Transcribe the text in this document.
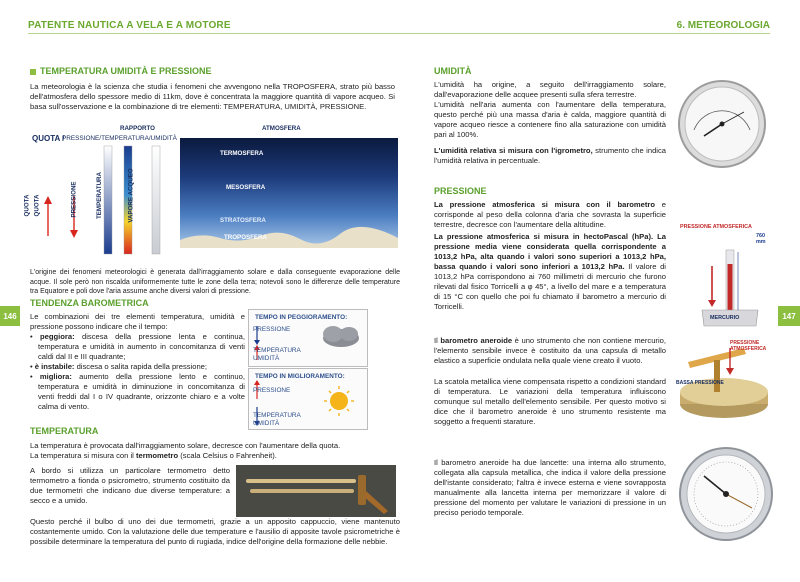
PATENTE NAUTICA A VELA E A MOTORE	6. METEOROLOGIA
146	147
TEMPERATURA UMIDITÀ E PRESSIONE
La meteorologia è la scienza che studia i fenomeni che avvengono nella TROPOSFERA, strato più basso dell'atmosfera dello spessore medio di 11km, dove è concentrata la maggiore quantità di vapore acqueo. Si basa sull'osservazione e la combinazione di tre elementi: TEMPERATURA, UMIDITÀ, PRESSIONE.
RAPPORTO	ATMOSFERA
QUOTA /
PRESSIONE/TEMPERATURA/UMIDITÀ
TERMOSFERA
MESOSFERA
STRATOSFERA
TROPOSFERA
QUOTA QUOTA	PRESSIONE	TEMPERATURA	VAPORE ACQUEO
L'origine dei fenomeni meteorologici è generata dall'irraggiamento solare e dalla conseguente evaporazione delle acque. Il sole però non riscalda uniformemente tutte le zone della terra; notevoli sono le differenze delle temperature tra Equatore e poli dove l'aria assume anche diversi valori di pressione.
TENDENZA BAROMETRICA
Le combinazioni dei tre elementi temperatura, umidità e pressione possono indicare che il tempo:
• peggiora: discesa della pressione lenta e continua, temperatura e umidità in aumento in concomitanza di venti caldi dal II e III quadrante;
• è instabile: discesa o salita rapida della pressione;
• migliora: aumento della pressione lento e continuo, temperatura e umidità in diminuzione in concomitanza di venti freddi dal I o IV quadrante, orizzonte chiaro e a volte calma di vento.
TEMPO IN PEGGIORAMENTO:
PRESSIONE
TEMPERATURA
UMIDITÀ
TEMPO IN MIGLIORAMENTO:
PRESSIONE
TEMPERATURA
UMIDITÀ
TEMPERATURA
La temperatura è provocata dall'irraggiamento solare, decresce con l'aumentare della quota.
La temperatura si misura con il termometro (scala Celsius o Fahrenheit).
A bordo si utilizza un particolare termometro detto termometro a fionda o psicrometro, strumento costituito da due termometri che indicano due diverse temperature: a secco e a umido.
Questo perché il bulbo di uno dei due termometri, grazie a un apposito cappuccio, viene mantenuto costantemente umido. Con la valutazione delle due temperature e l'ausilio di apposite tavole psicrometriche è possibile determinare la temperatura del punto di rugiada, indice dell'origine della formazione delle nebbie.
UMIDITÀ
L'umidità ha origine, a seguito dell'irraggiamento solare, dall'evaporazione delle acquee presenti sulla sfera terrestre.
L'umidità nell'aria aumenta con l'aumentare della temperatura, questo perché più una massa d'aria è calda, maggiore quantità di vapore acqueo riesce a contenere fino alla saturazione con umidità pari al 100%.
L'umidità relativa si misura con l'igrometro, strumento che indica l'umidità relativa in percentuale.
PRESSIONE
La pressione atmosferica si misura con il barometro e corrisponde al peso della colonna d'aria che sovrasta la superficie terrestre, decresce con l'aumentare della altitudine.
La pressione atmosferica si misura in hectoPascal (hPa). La pressione media viene considerata quella corrispondente a 1013,2 hPa, alta quando i valori sono superiori a 1013,2 hPa, bassa quando i valori sono inferiori a 1013,2 hPa. Il valore di 1013,2 hPa corrispondono ai 760 millimetri di mercurio che furono rilevati dal fisico Torricelli a φ 45°, a livello del mare e a temperatura di 15 °C con quello che poi fu chiamato il barometro a mercurio di Torricelli.
PRESSIONE ATMOSFERICA
760 mm
MERCURIO
Il barometro aneroide è uno strumento che non contiene mercurio, l'elemento sensibile invece è costituito da una capsula di metallo elastico a superficie ondulata nella quale viene creato il vuoto.
La scatola metallica viene compensata rispetto a condizioni standard di temperatura. Le variazioni della temperatura influiscono comunque sul metallo dell'elemento sensibile. Per questo motivo si dice che il barometro aneroide è uno strumento resistente ma soggetto a frequenti starature.
PRESSIONE ATMOSFERICA
BASSA PRESSIONE
Il barometro aneroide ha due lancette: una interna allo strumento, collegata alla capsula metallica, che indica il valore della pressione dell'istante considerato; l'altra è invece esterna e viene sovrapposta manualmente alla lancetta interna per memorizzare il valore di pressione del momento per valutare le variazioni di pressione in un preciso periodo temporale.
